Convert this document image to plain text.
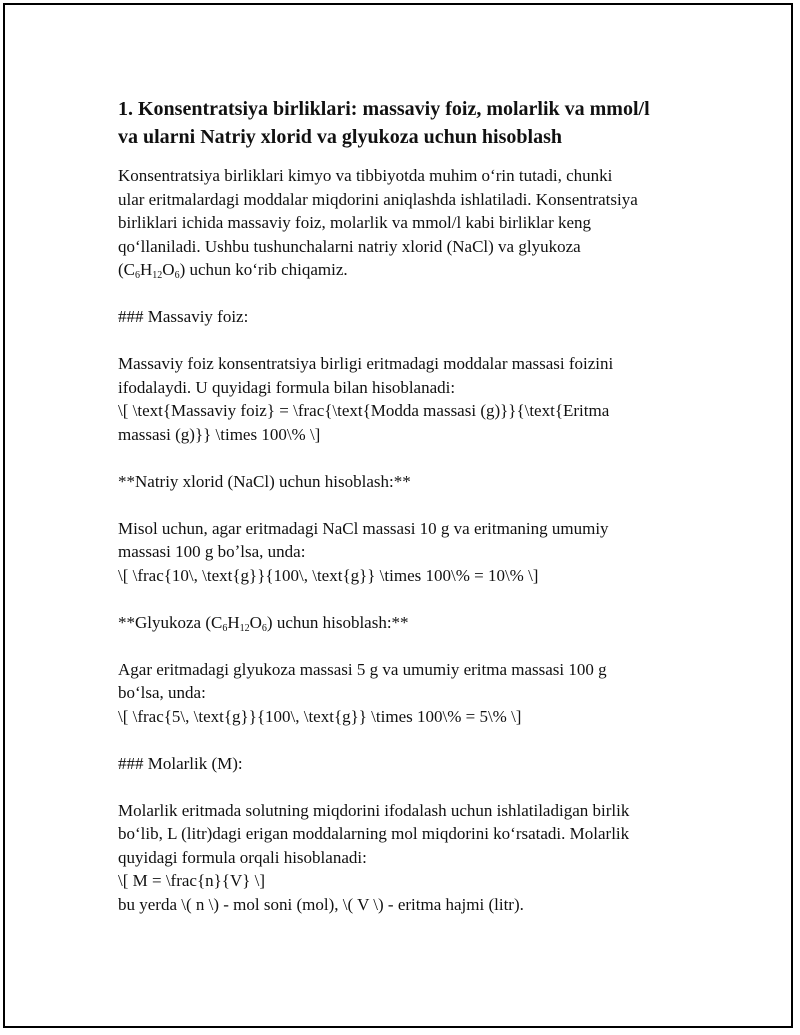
1. Konsentratsiya birliklari: massaviy foiz, molarlik va mmol/l
va ularni Natriy xlorid va glyukoza uchun hisoblash

Konsentratsiya birliklari kimyo va tibbiyotda muhim oʻrin tutadi, chunki
ular eritmalardagi moddalar miqdorini aniqlashda ishlatiladi. Konsentratsiya
birliklari ichida massaviy foiz, molarlik va mmol/l kabi birliklar keng
qoʻllaniladi. Ushbu tushunchalarni natriy xlorid (NaCl) va glyukoza
$(C_6H_{12}O_6)$ uchun koʻrib chiqamiz.

### Massaviy foiz:

Massaviy foiz konsentratsiya birligi eritmadagi moddalar massasi foizini
ifodalaydi. U quyidagi formula bilan hisoblanadi:
\[ \text{Massaviy foiz} = \frac{\text{Modda massasi (g)}}{\text{Eritma
massasi (g)}} \times 100\% \]

**Natriy xlorid (NaCl) uchun hisoblash:**

Misol uchun, agar eritmadagi NaCl massasi 10 g va eritmaning umumiy
massasi 100 g boʼlsa, unda:
\[ \frac{10\, \text{g}}{100\, \text{g}} \times 100\% = 10\% \]

**Glyukoza $(C_6H_{12}O_6)$ uchun hisoblash:**

Agar eritmadagi glyukoza massasi 5 g va umumiy eritma massasi 100 g
boʻlsa, unda:
\[ \frac{5\, \text{g}}{100\, \text{g}} \times 100\% = 5\% \]

### Molarlik (M):

Molarlik eritmada solutning miqdorini ifodalash uchun ishlatiladigan birlik
boʻlib, L (litr)dagi erigan moddalarning mol miqdorini koʻrsatadi. Molarlik
quyidagi formula orqali hisoblanadi:
\[ M = \frac{n}{V} \]
bu yerda \( n \) - mol soni (mol), \( V \) - eritma hajmi (litr).
